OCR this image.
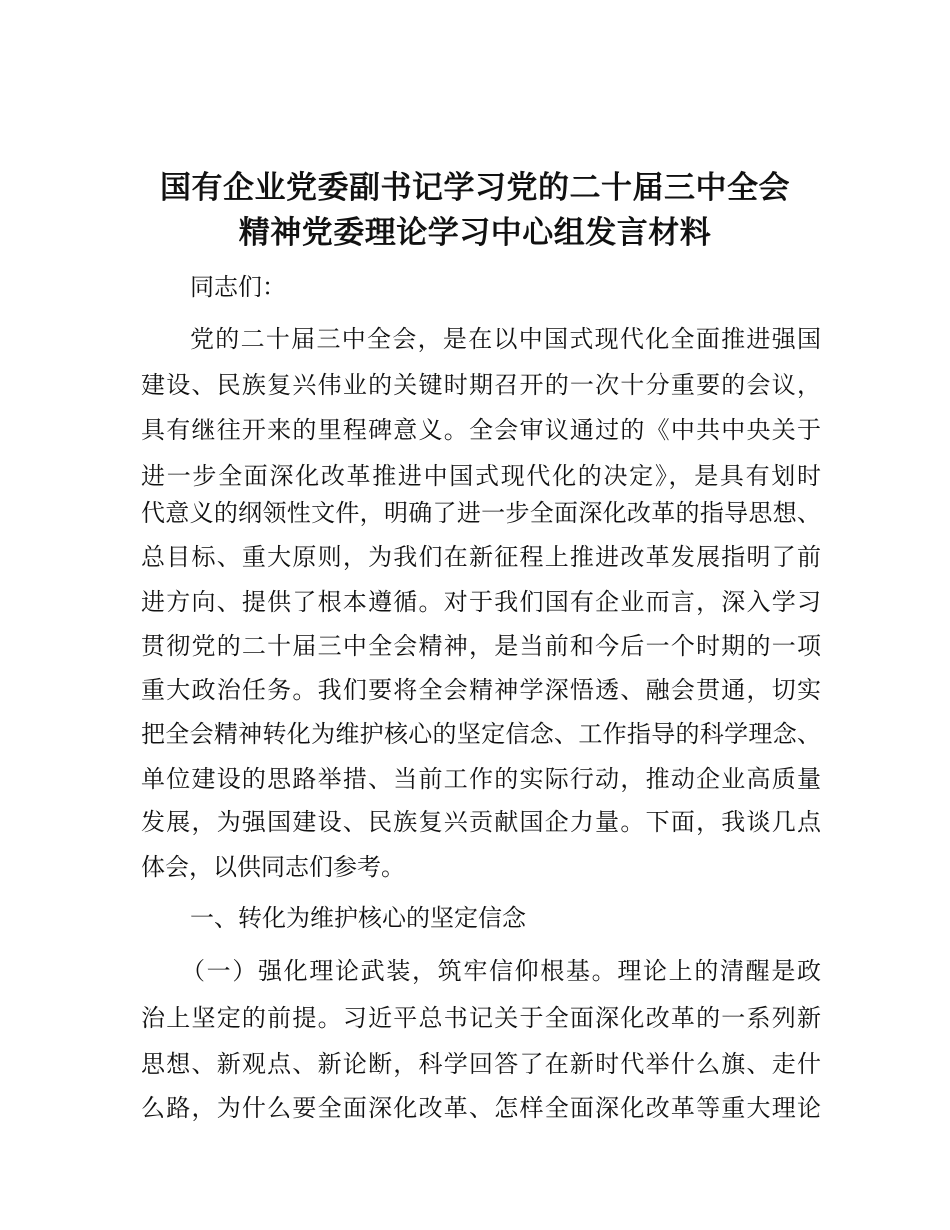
国有企业党委副书记学习党的二十届三中全会
精神党委理论学习中心组发言材料
同志们：
党的二十届三中全会，是在以中国式现代化全面推进强国
建设、民族复兴伟业的关键时期召开的一次十分重要的会议，
具有继往开来的里程碑意义。全会审议通过的《中共中央关于
进一步全面深化改革推进中国式现代化的决定》，是具有划时
代意义的纲领性文件，明确了进一步全面深化改革的指导思想、
总目标、重大原则，为我们在新征程上推进改革发展指明了前
进方向、提供了根本遵循。对于我们国有企业而言，深入学习
贯彻党的二十届三中全会精神，是当前和今后一个时期的一项
重大政治任务。我们要将全会精神学深悟透、融会贯通，切实
把全会精神转化为维护核心的坚定信念、工作指导的科学理念、
单位建设的思路举措、当前工作的实际行动，推动企业高质量
发展，为强国建设、民族复兴贡献国企力量。下面，我谈几点
体会，以供同志们参考。
一、转化为维护核心的坚定信念
（一）强化理论武装，筑牢信仰根基。理论上的清醒是政
治上坚定的前提。习近平总书记关于全面深化改革的一系列新
思想、新观点、新论断，科学回答了在新时代举什么旗、走什
么路，为什么要全面深化改革、怎样全面深化改革等重大理论
